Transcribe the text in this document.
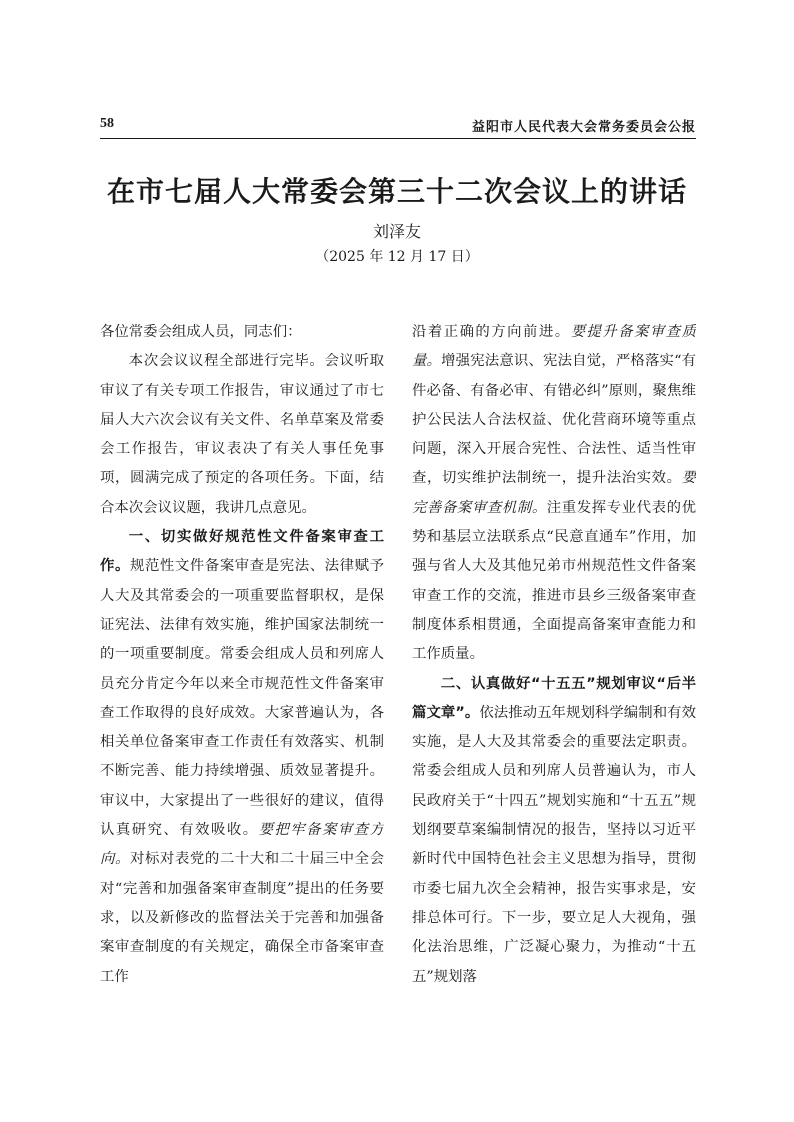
58	益阳市人民代表大会常务委员会公报
在市七届人大常委会第三十二次会议上的讲话
刘泽友
（2025 年 12 月 17 日）

各位常委会组成人员，同志们：

本次会议议程全部进行完毕。会议听取审议了有关专项工作报告，审议通过了市七届人大六次会议有关文件、名单草案及常委会工作报告，审议表决了有关人事任免事项，圆满完成了预定的各项任务。下面，结合本次会议议题，我讲几点意见。

一、切实做好规范性文件备案审查工作。规范性文件备案审查是宪法、法律赋予人大及其常委会的一项重要监督职权，是保证宪法、法律有效实施，维护国家法制统一的一项重要制度。常委会组成人员和列席人员充分肯定今年以来全市规范性文件备案审查工作取得的良好成效。大家普遍认为，各相关单位备案审查工作责任有效落实、机制不断完善、能力持续增强、质效显著提升。审议中，大家提出了一些很好的建议，值得认真研究、有效吸收。要把牢备案审查方向。对标对表党的二十大和二十届三中全会对“完善和加强备案审查制度”提出的任务要求，以及新修改的监督法关于完善和加强备案审查制度的有关规定，确保全市备案审查工作

沿着正确的方向前进。要提升备案审查质量。增强宪法意识、宪法自觉，严格落实“有件必备、有备必审、有错必纠”原则，聚焦维护公民法人合法权益、优化营商环境等重点问题，深入开展合宪性、合法性、适当性审查，切实维护法制统一，提升法治实效。要完善备案审查机制。注重发挥专业代表的优势和基层立法联系点“民意直通车”作用，加强与省人大及其他兄弟市州规范性文件备案审查工作的交流，推进市县乡三级备案审查制度体系相贯通，全面提高备案审查能力和工作质量。

二、认真做好“十五五”规划审议“后半篇文章”。依法推动五年规划科学编制和有效实施，是人大及其常委会的重要法定职责。常委会组成人员和列席人员普遍认为，市人民政府关于“十四五”规划实施和“十五五”规划纲要草案编制情况的报告，坚持以习近平新时代中国特色社会主义思想为指导，贯彻市委七届九次全会精神，报告实事求是，安排总体可行。下一步，要立足人大视角，强化法治思维，广泛凝心聚力，为推动“十五五”规划落
